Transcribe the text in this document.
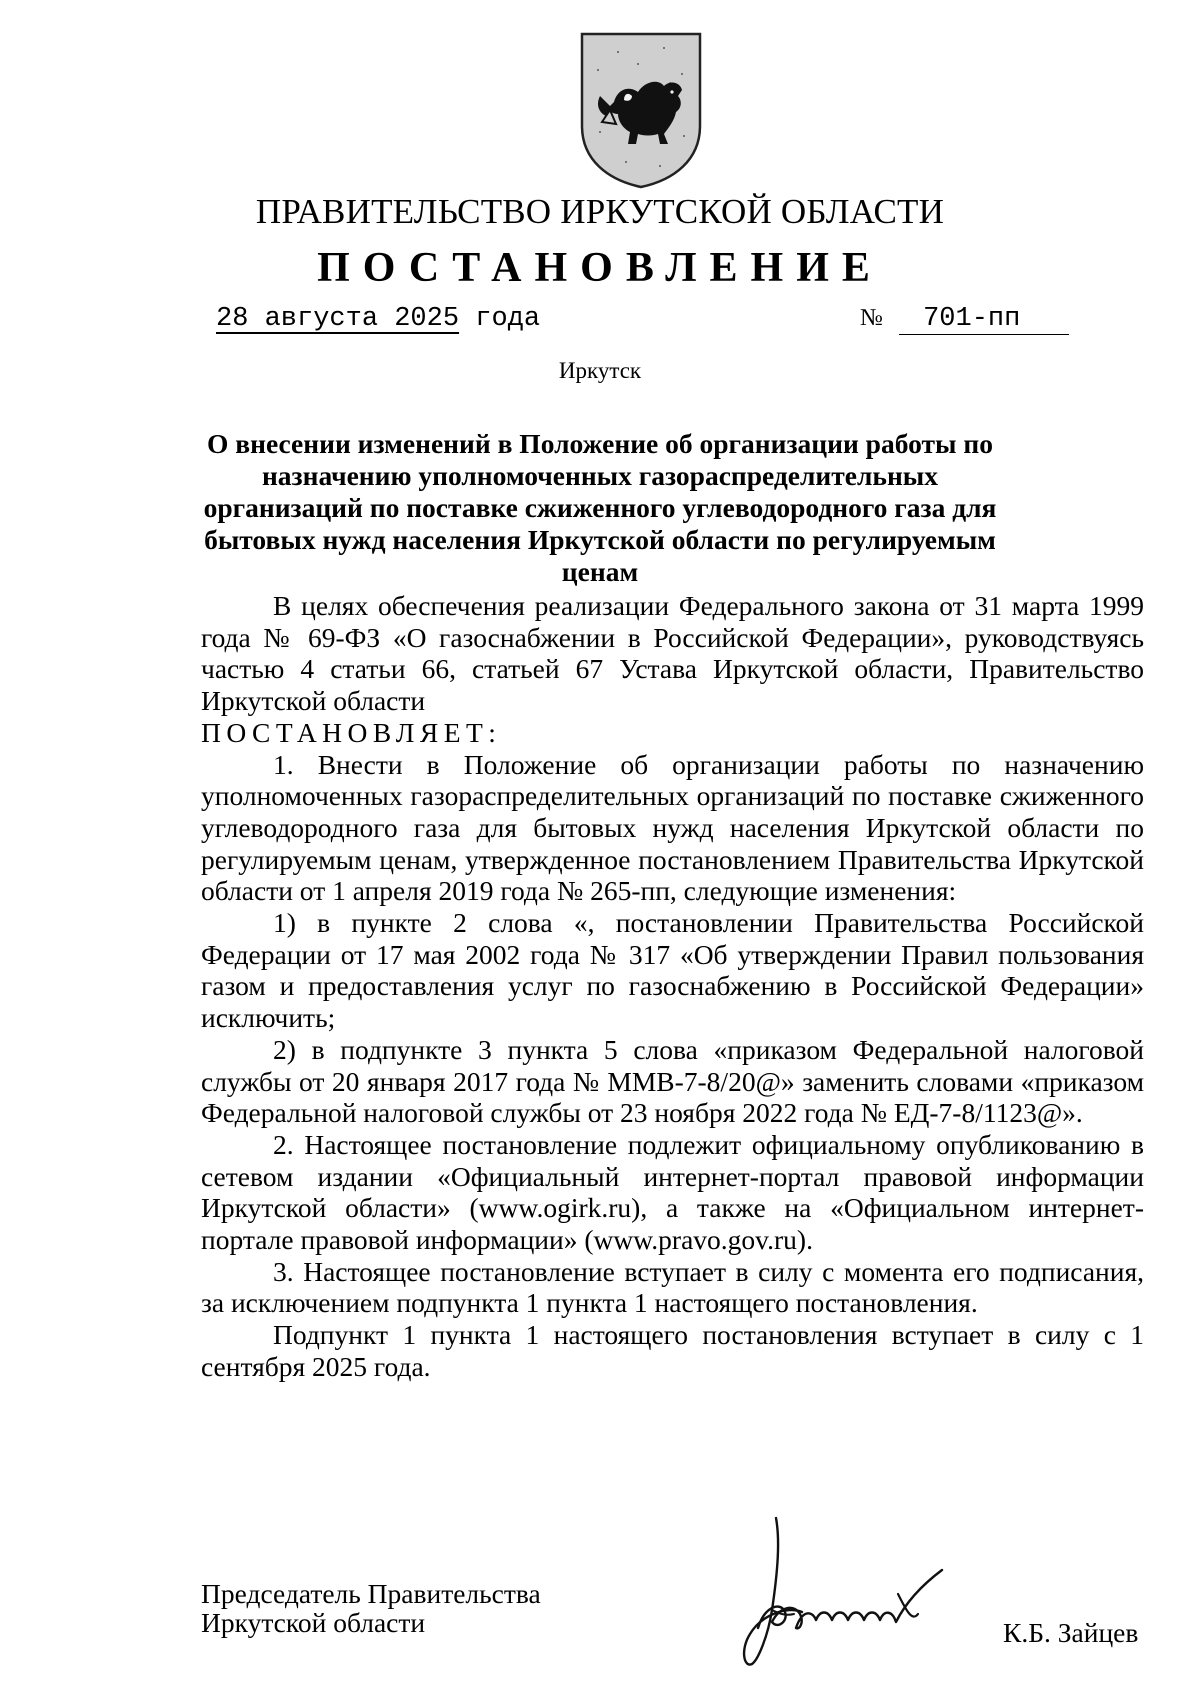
ПРАВИТЕЛЬСТВО ИРКУТСКОЙ ОБЛАСТИ
ПОСТАНОВЛЕНИЕ
28 августа 2025 года	№ 701-пп
Иркутск
О внесении изменений в Положение об организации работы по назначению уполномоченных газораспределительных организаций по поставке сжиженного углеводородного газа для бытовых нужд населения Иркутской области по регулируемым ценам

В целях обеспечения реализации Федерального закона от 31 марта 1999 года № 69-ФЗ «О газоснабжении в Российской Федерации», руководствуясь частью 4 статьи 66, статьей 67 Устава Иркутской области, Правительство Иркутской области

ПОСТАНОВЛЯЕТ:

1. Внести в Положение об организации работы по назначению уполномоченных газораспределительных организаций по поставке сжиженного углеводородного газа для бытовых нужд населения Иркутской области по регулируемым ценам, утвержденное постановлением Правительства Иркутской области от 1 апреля 2019 года № 265-пп, следующие изменения:

1) в пункте 2 слова «, постановлении Правительства Российской Федерации от 17 мая 2002 года № 317 «Об утверждении Правил пользования газом и предоставления услуг по газоснабжению в Российской Федерации» исключить;

2) в подпункте 3 пункта 5 слова «приказом Федеральной налоговой службы от 20 января 2017 года № ММВ-7-8/20@» заменить словами «приказом Федеральной налоговой службы от 23 ноября 2022 года № ЕД-7-8/1123@».

2. Настоящее постановление подлежит официальному опубликованию в сетевом издании «Официальный интернет-портал правовой информации Иркутской области» (www.ogirk.ru), а также на «Официальном интернет-портале правовой информации» (www.pravo.gov.ru).

3. Настоящее постановление вступает в силу с момента его подписания, за исключением подпункта 1 пункта 1 настоящего постановления.

Подпункт 1 пункта 1 настоящего постановления вступает в силу с 1 сентября 2025 года.

Председатель Правительства
Иркутской области	К.Б. Зайцев
